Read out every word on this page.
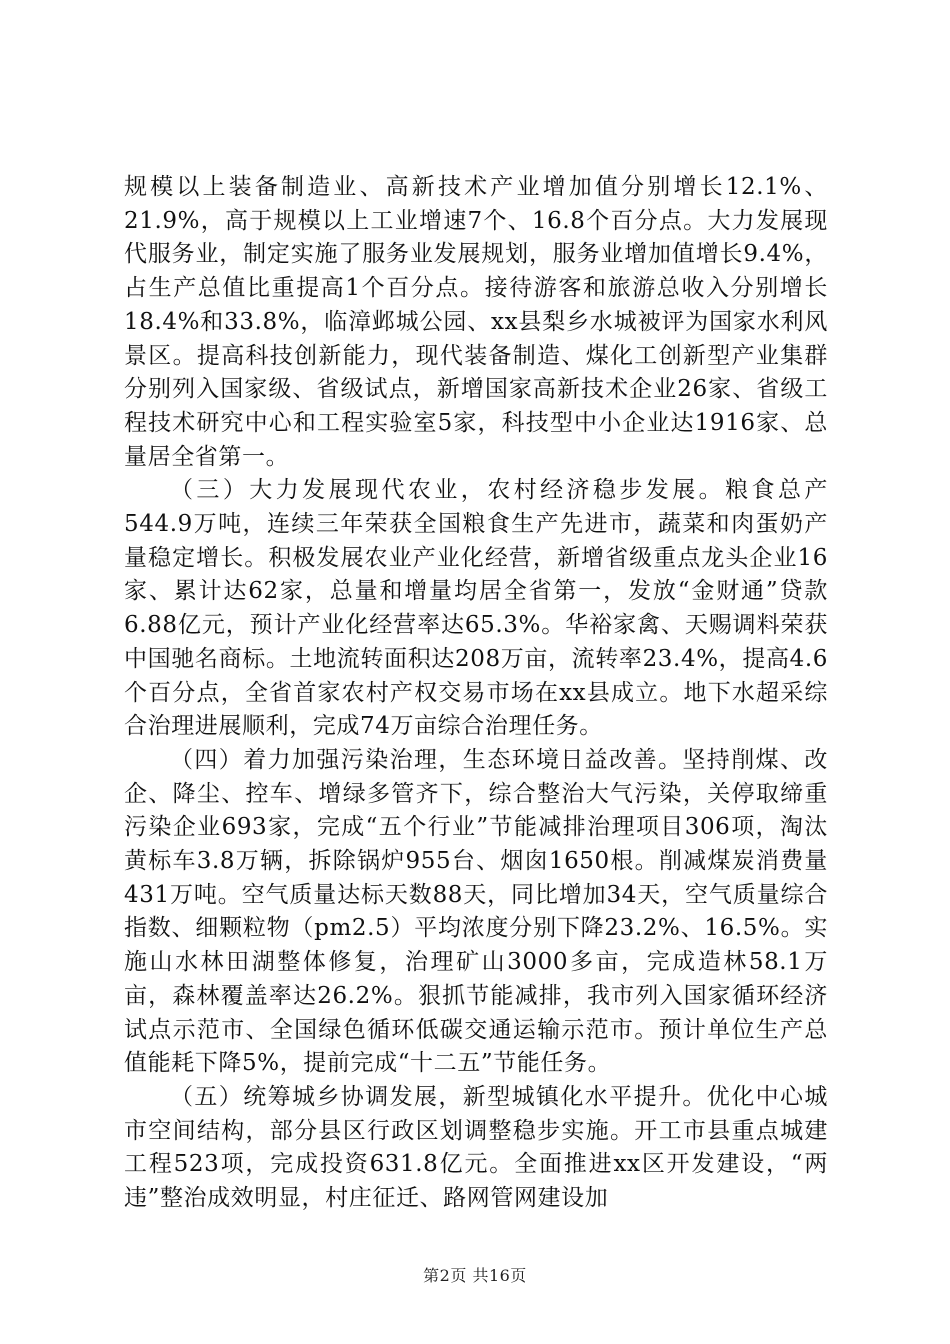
规模以上装备制造业、高新技术产业增加值分别增长12.1%、21.9%，高于规模以上工业增速7个、16.8个百分点。大力发展现代服务业，制定实施了服务业发展规划，服务业增加值增长9.4%，占生产总值比重提高1个百分点。接待游客和旅游总收入分别增长18.4%和33.8%，临漳邺城公园、xx县梨乡水城被评为国家水利风景区。提高科技创新能力，现代装备制造、煤化工创新型产业集群分别列入国家级、省级试点，新增国家高新技术企业26家、省级工程技术研究中心和工程实验室5家，科技型中小企业达1916家、总量居全省第一。

（三）大力发展现代农业，农村经济稳步发展。粮食总产544.9万吨，连续三年荣获全国粮食生产先进市，蔬菜和肉蛋奶产量稳定增长。积极发展农业产业化经营，新增省级重点龙头企业16家、累计达62家，总量和增量均居全省第一，发放“金财通”贷款6.88亿元，预计产业化经营率达65.3%。华裕家禽、天赐调料荣获中国驰名商标。土地流转面积达208万亩，流转率23.4%，提高4.6个百分点，全省首家农村产权交易市场在xx县成立。地下水超采综合治理进展顺利，完成74万亩综合治理任务。

（四）着力加强污染治理，生态环境日益改善。坚持削煤、改企、降尘、控车、增绿多管齐下，综合整治大气污染，关停取缔重污染企业693家，完成“五个行业”节能减排治理项目306项，淘汰黄标车3.8万辆，拆除锅炉955台、烟囱1650根。削减煤炭消费量431万吨。空气质量达标天数88天，同比增加34天，空气质量综合指数、细颗粒物（pm2.5）平均浓度分别下降23.2%、16.5%。实施山水林田湖整体修复，治理矿山3000多亩，完成造林58.1万亩，森林覆盖率达26.2%。狠抓节能减排，我市列入国家循环经济试点示范市、全国绿色循环低碳交通运输示范市。预计单位生产总值能耗下降5%，提前完成“十二五”节能任务。

（五）统筹城乡协调发展，新型城镇化水平提升。优化中心城市空间结构，部分县区行政区划调整稳步实施。开工市县重点城建工程523项，完成投资631.8亿元。全面推进xx区开发建设，“两违”整治成效明显，村庄征迁、路网管网建设加

第2页 共16页
